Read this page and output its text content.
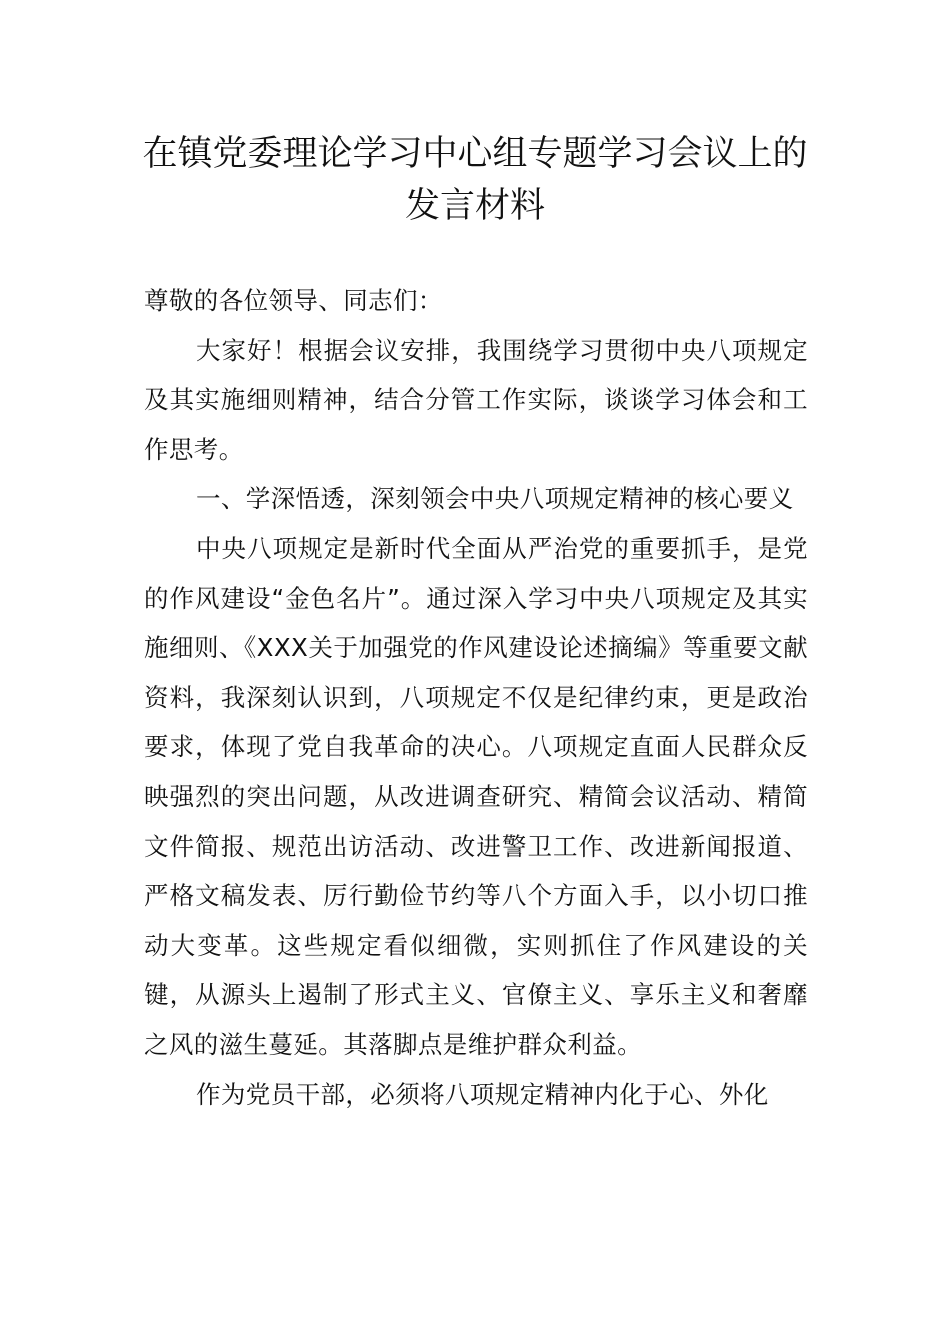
在镇党委理论学习中心组专题学习会议上的发言材料

尊敬的各位领导、同志们：

大家好！根据会议安排，我围绕学习贯彻中央八项规定及其实施细则精神，结合分管工作实际，谈谈学习体会和工作思考。

一、学深悟透，深刻领会中央八项规定精神的核心要义

中央八项规定是新时代全面从严治党的重要抓手，是党的作风建设“金色名片”。通过深入学习中央八项规定及其实施细则、《XXX关于加强党的作风建设论述摘编》等重要文献资料，我深刻认识到，八项规定不仅是纪律约束，更是政治要求，体现了党自我革命的决心。八项规定直面人民群众反映强烈的突出问题，从改进调查研究、精简会议活动、精简文件简报、规范出访活动、改进警卫工作、改进新闻报道、严格文稿发表、厉行勤俭节约等八个方面入手，以小切口推动大变革。这些规定看似细微，实则抓住了作风建设的关键，从源头上遏制了形式主义、官僚主义、享乐主义和奢靡之风的滋生蔓延。其落脚点是维护群众利益。

作为党员干部，必须将八项规定精神内化于心、外化
